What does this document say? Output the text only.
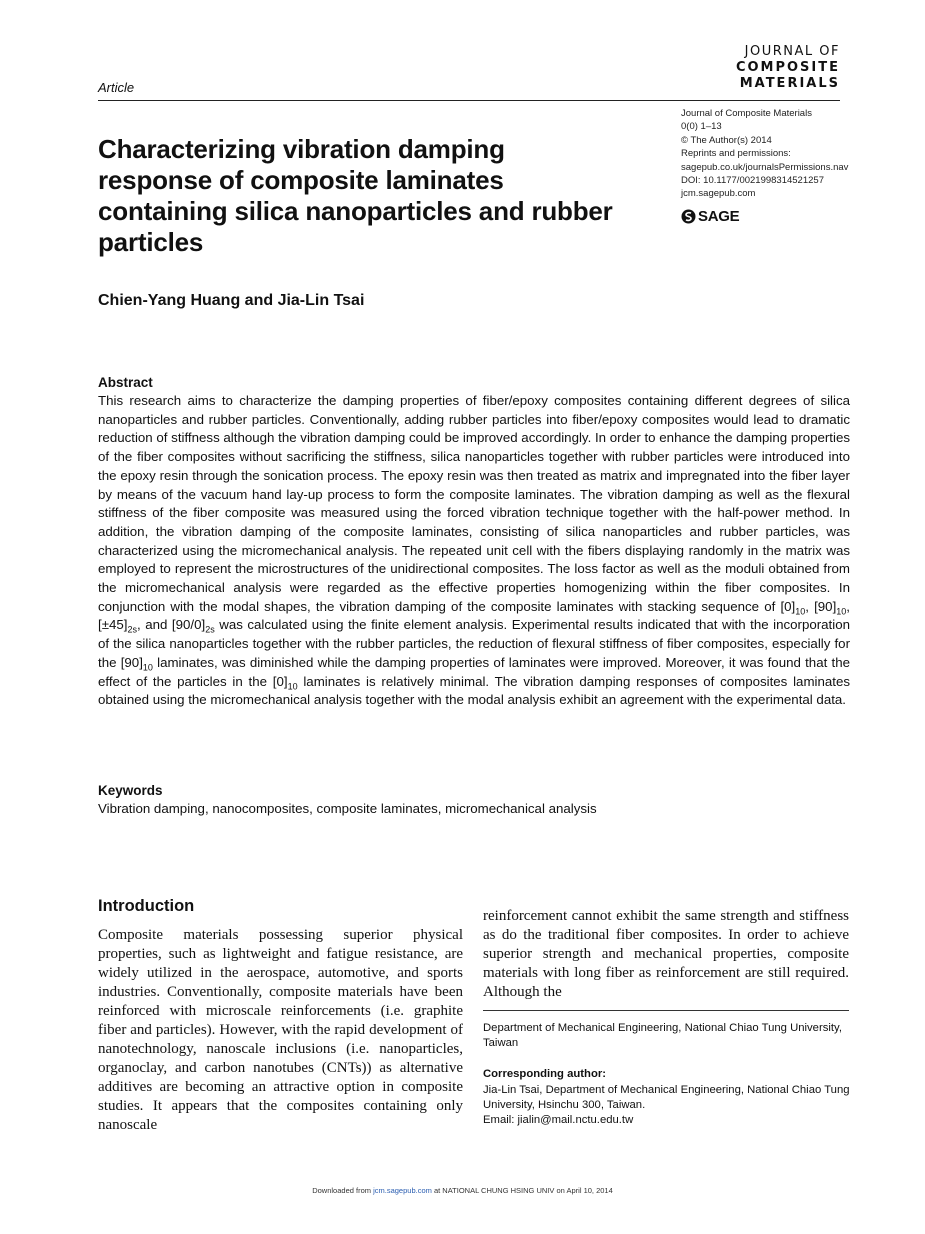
Article
JOURNAL OF
COMPOSITE
MATERIALS
Journal of Composite Materials
0(0) 1–13
© The Author(s) 2014
Reprints and permissions:
sagepub.co.uk/journalsPermissions.nav
DOI: 10.1177/0021998314521257
jcm.sagepub.com
SAGE
Characterizing vibration damping response of composite laminates containing silica nanoparticles and rubber particles
Chien-Yang Huang and Jia-Lin Tsai
Abstract
This research aims to characterize the damping properties of fiber/epoxy composites containing different degrees of silica nanoparticles and rubber particles. Conventionally, adding rubber particles into fiber/epoxy composites would lead to dramatic reduction of stiffness although the vibration damping could be improved accordingly. In order to enhance the damping properties of the fiber composites without sacrificing the stiffness, silica nanoparticles together with rubber particles were introduced into the epoxy resin through the sonication process. The epoxy resin was then treated as matrix and impregnated into the fiber layer by means of the vacuum hand lay-up process to form the composite laminates. The vibration damping as well as the flexural stiffness of the fiber composite was measured using the forced vibration technique together with the half-power method. In addition, the vibration damping of the composite laminates, consisting of silica nanoparticles and rubber particles, was characterized using the micromechanical analysis. The repeated unit cell with the fibers displaying randomly in the matrix was employed to represent the microstructures of the unidirectional composites. The loss factor as well as the moduli obtained from the micromechanical analysis were regarded as the effective properties homogenizing within the fiber composites. In conjunction with the modal shapes, the vibration damping of the composite laminates with stacking sequence of $[0]_{10}$, $[90]_{10}$, $[\pm 45]_{2s}$, and $[90/0]_{2s}$ was calculated using the finite element analysis. Experimental results indicated that with the incorporation of the silica nanoparticles together with the rubber particles, the reduction of flexural stiffness of fiber composites, especially for the $[90]_{10}$ laminates, was diminished while the damping properties of laminates were improved. Moreover, it was found that the effect of the particles in the $[0]_{10}$ laminates is relatively minimal. The vibration damping responses of composites laminates obtained using the micromechanical analysis together with the modal analysis exhibit an agreement with the experimental data.
Keywords
Vibration damping, nanocomposites, composite laminates, micromechanical analysis
Introduction
Composite materials possessing superior physical properties, such as lightweight and fatigue resistance, are widely utilized in the aerospace, automotive, and sports industries. Conventionally, composite materials have been reinforced with microscale reinforcements (i.e. graphite fiber and particles). However, with the rapid development of nanotechnology, nanoscale inclusions (i.e. nanoparticles, organoclay, and carbon nanotubes (CNTs)) as alternative additives are becoming an attractive option in composite studies. It appears that the composites containing only nanoscale
reinforcement cannot exhibit the same strength and stiffness as do the traditional fiber composites. In order to achieve superior strength and mechanical properties, composite materials with long fiber as reinforcement are still required. Although the
Department of Mechanical Engineering, National Chiao Tung University, Taiwan
Corresponding author:
Jia-Lin Tsai, Department of Mechanical Engineering, National Chiao Tung University, Hsinchu 300, Taiwan.
Email: jialin@mail.nctu.edu.tw
Downloaded from jcm.sagepub.com at NATIONAL CHUNG HSING UNIV on April 10, 2014
